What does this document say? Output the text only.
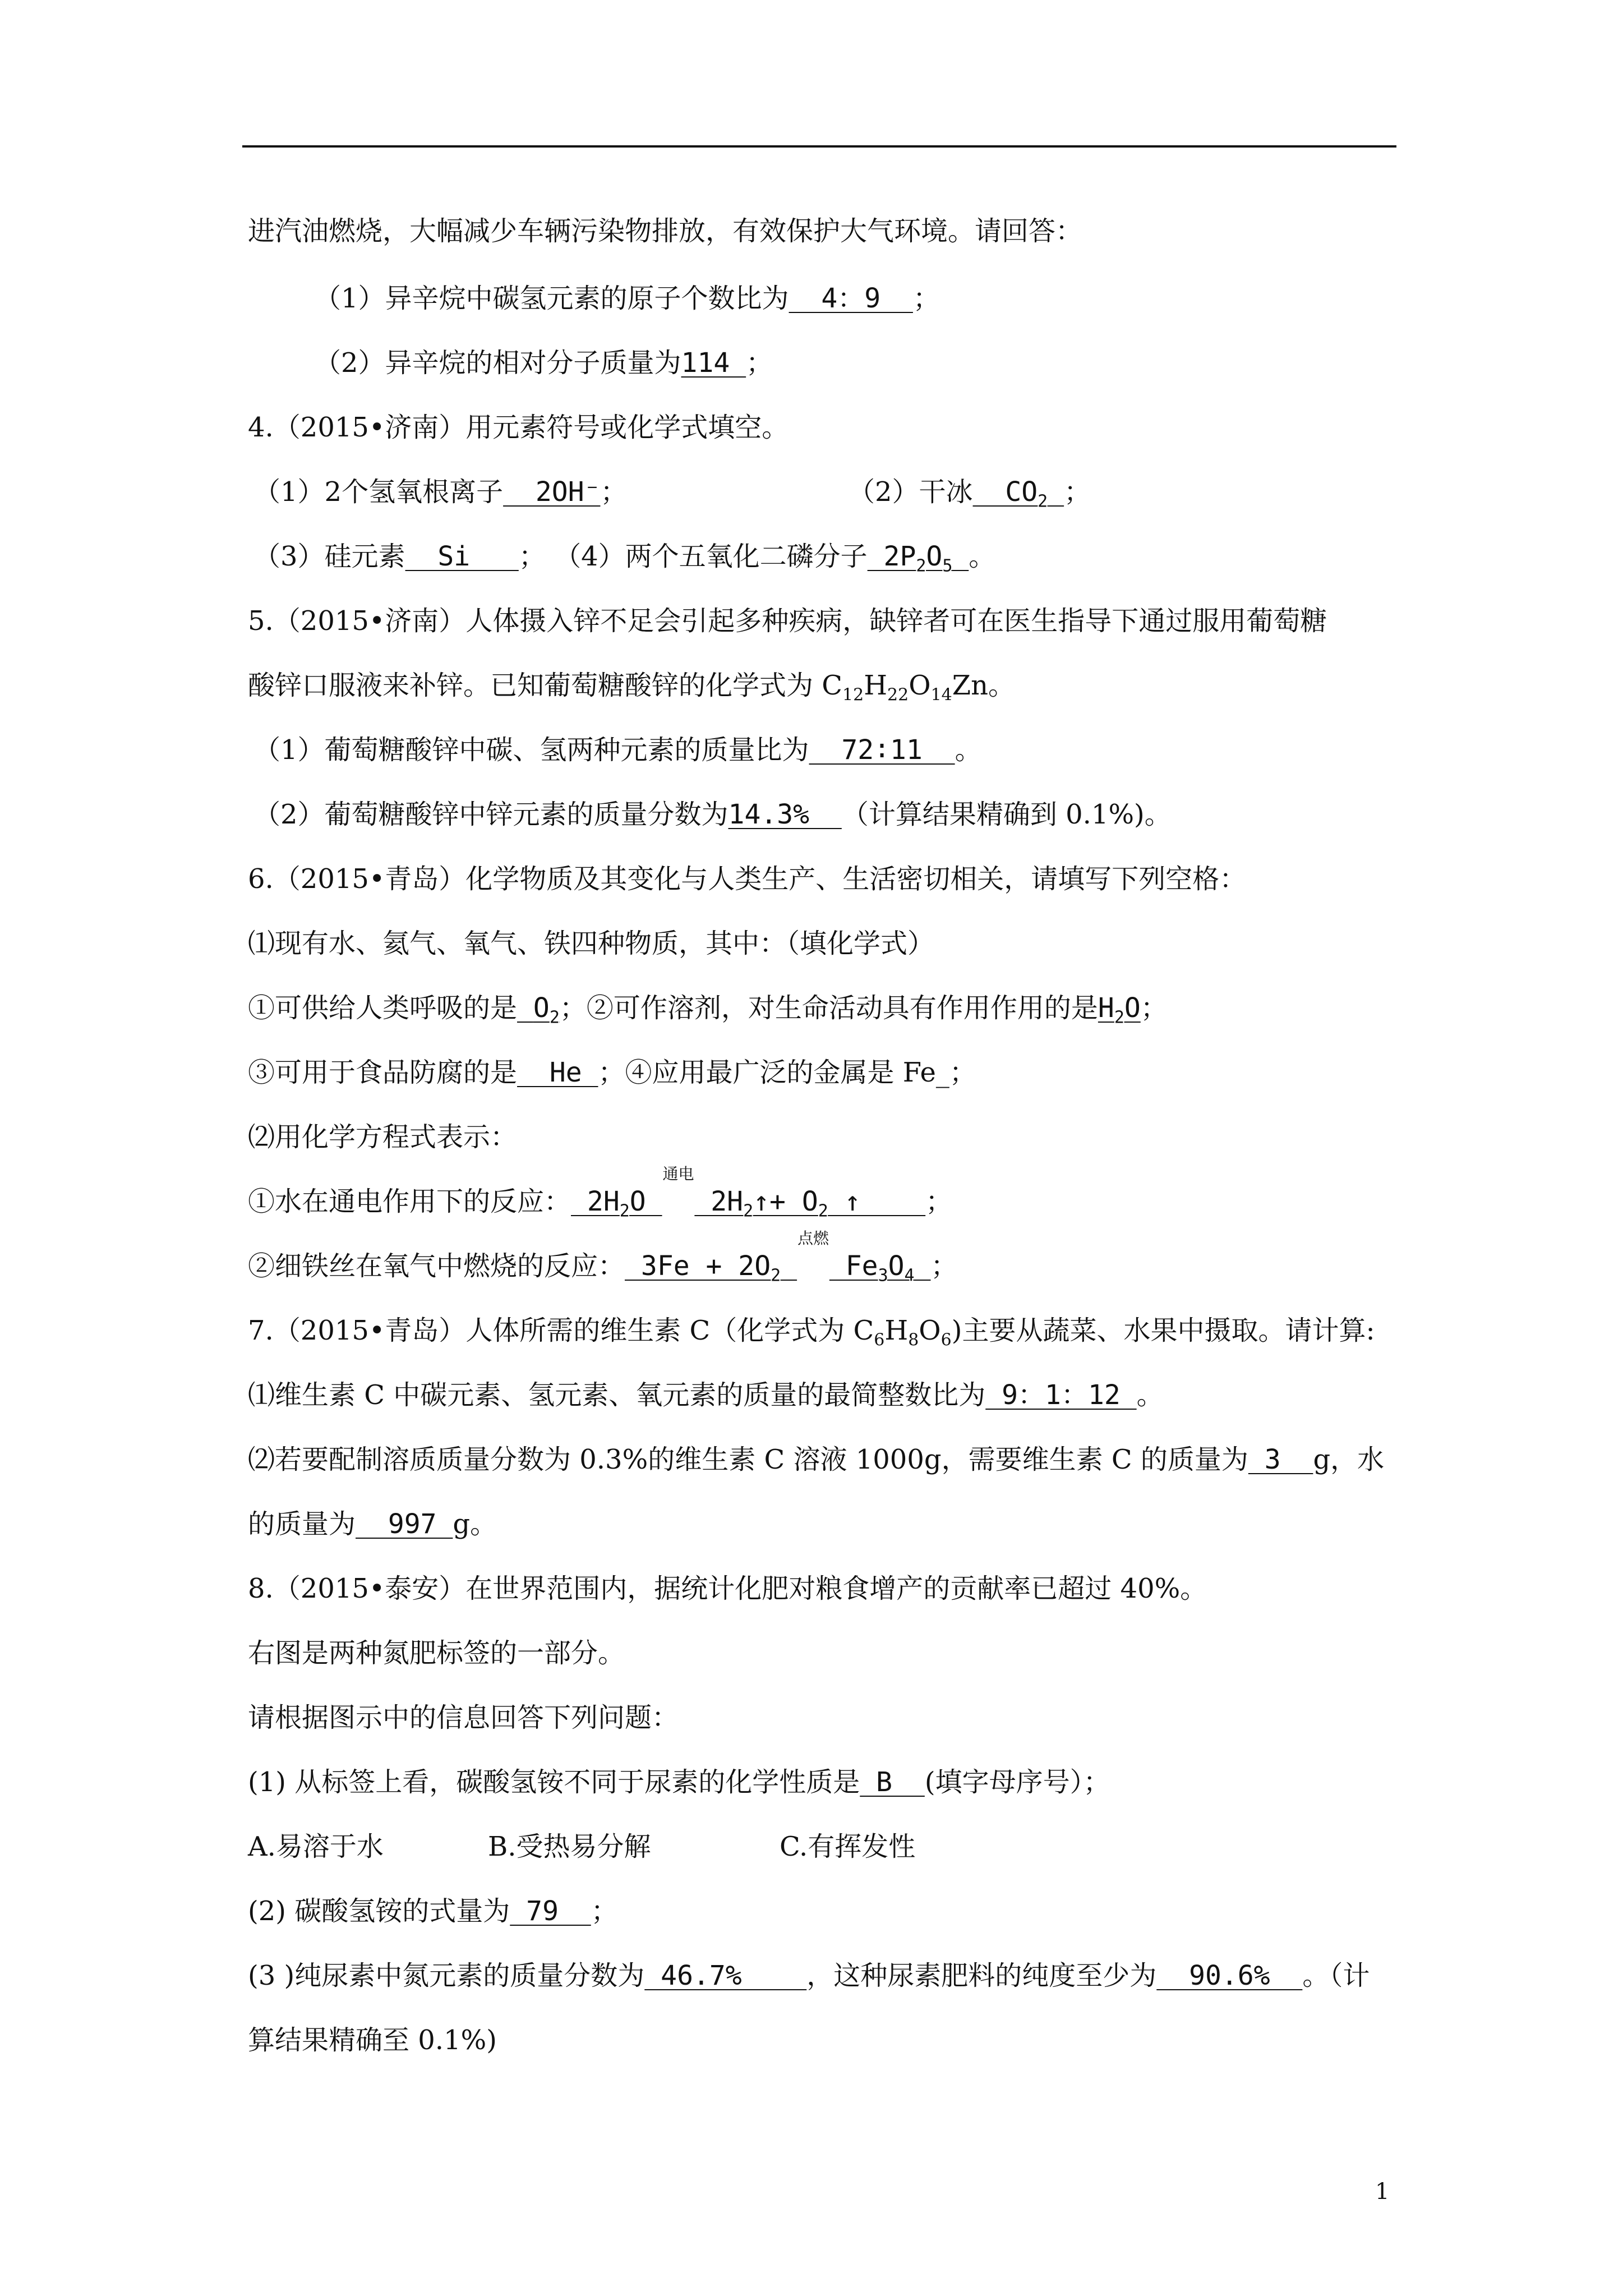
进汽油燃烧，大幅减少车辆污染物排放，有效保护大气环境。请回答：
（1）异辛烷中碳氢元素的原子个数比为  4：9  ；
（2）异辛烷的相对分子质量为114 ；
4.（2015•济南）用元素符号或化学式填空。
（1）2个氢氧根离子  2OH⁻；	（2）干冰  $CO_2$ ；
（3）硅元素  Si   ； （4）两个五氧化二磷分子 $2P_2O_5$ 。
5.（2015•济南）人体摄入锌不足会引起多种疾病，缺锌者可在医生指导下通过服用葡萄糖
酸锌口服液来补锌。已知葡萄糖酸锌的化学式为 $C_{12}H_{22}O_{14}Zn$。
（1）葡萄糖酸锌中碳、氢两种元素的质量比为  72∶11  。
（2）葡萄糖酸锌中锌元素的质量分数为14.3%  （计算结果精确到 0.1%)。
6.（2015•青岛）化学物质及其变化与人类生产、生活密切相关，请填写下列空格：
⑴现有水、氦气、氧气、铁四种物质，其中：（填化学式）
①可供给人类呼吸的是 $O_2$；②可作溶剂，对生命活动具有作用作用的是$H_2O$；
③可用于食品防腐的是  He ；④应用最广泛的金属是 Fe_；
⑵用化学方程式表示：
①水在通电作用下的反应： $2H_2O$
通电
$2H_2↑+ O_2$ ↑    ；
②细铁丝在氧气中燃烧的反应： $3Fe + 2O_2$
点燃
$Fe_3O_4$ ；
7.（2015•青岛）人体所需的维生素 C（化学式为 $C_6H_8O_6$)主要从蔬菜、水果中摄取。请计算:
⑴维生素 C 中碳元素、氢元素、氧元素的质量的最简整数比为 9：1：12 。
⑵若要配制溶质质量分数为 0.3%的维生素 C 溶液 1000g，需要维生素 C 的质量为 3  g，水
的质量为  997 g。
8.（2015•泰安）在世界范围内，据统计化肥对粮食增产的贡献率已超过 40%。
右图是两种氮肥标签的一部分。
请根据图示中的信息回答下列问题：
(1) 从标签上看，碳酸氢铵不同于尿素的化学性质是 B  (填字母序号）；
A.易溶于水	B.受热易分解	C.有挥发性
(2) 碳酸氢铵的式量为 79  ；
(3 )纯尿素中氮元素的质量分数为 46.7%    ，这种尿素肥料的纯度至少为  90.6%  。（计
算结果精确至 0.1%)
1
